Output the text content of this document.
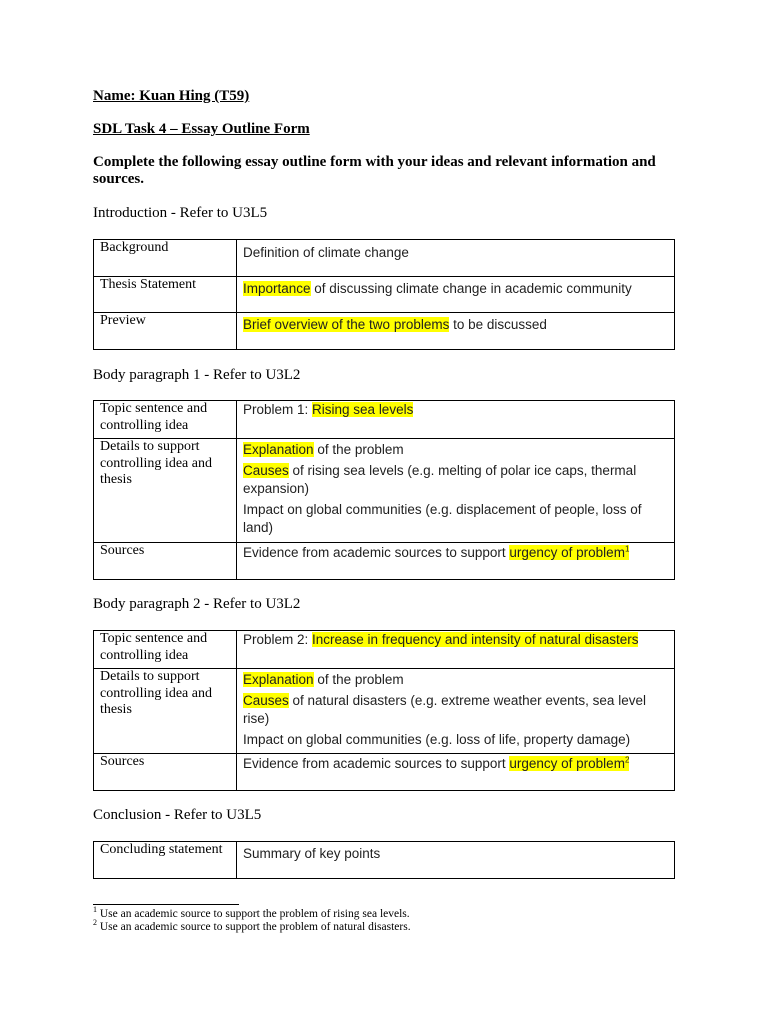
Name: Kuan Hing (T59)
SDL Task 4 – Essay Outline Form
Complete the following essay outline form with your ideas and relevant information and sources.
Introduction - Refer to U3L5
Background	Definition of climate change

Thesis Statement	Importance of discussing climate change in academic community

Preview	Brief overview of the two problems to be discussed
Body paragraph 1 - Refer to U3L2
Topic sentence and controlling idea	Problem 1: Rising sea levels

Details to support controlling idea and thesis	Explanation of the problem

Causes of rising sea levels (e.g. melting of polar ice caps, thermal expansion)

Impact on global communities (e.g. displacement of people, loss of land)

Sources	Evidence from academic sources to support urgency of problem$^1$
Body paragraph 2 - Refer to U3L2
Topic sentence and controlling idea	Problem 2: Increase in frequency and intensity of natural disasters

Details to support controlling idea and thesis	Explanation of the problem

Causes of natural disasters (e.g. extreme weather events, sea level rise)

Impact on global communities (e.g. loss of life, property damage)

Sources	Evidence from academic sources to support urgency of problem$^2$
Conclusion - Refer to U3L5
Concluding statement	Summary of key points
$^1$ Use an academic source to support the problem of rising sea levels.
$^2$ Use an academic source to support the problem of natural disasters.
